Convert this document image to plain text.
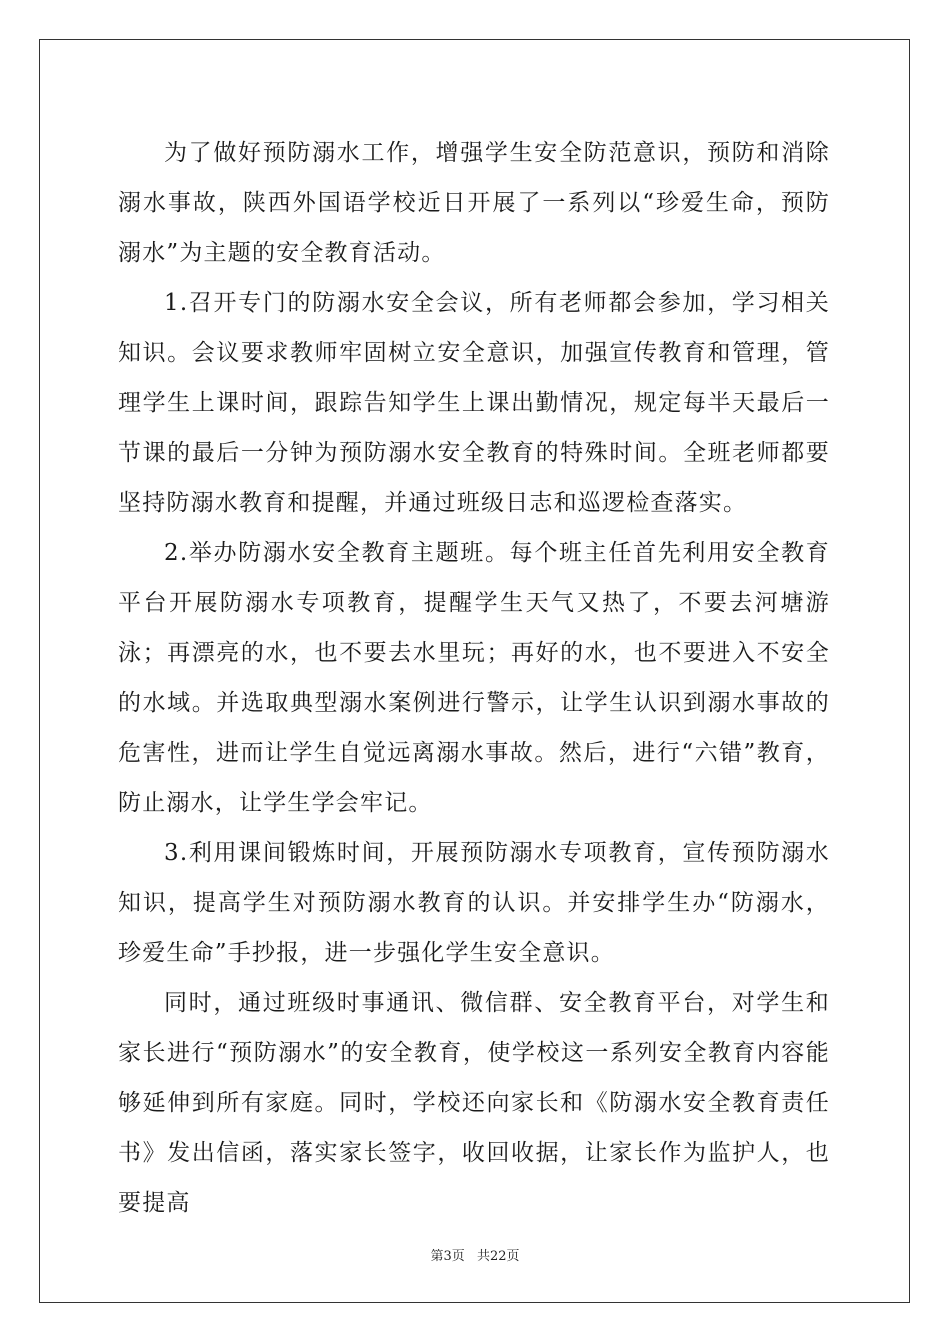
为了做好预防溺水工作，增强学生安全防范意识，预防和消除溺水事故，陕西外国语学校近日开展了一系列以“珍爱生命，预防溺水”为主题的安全教育活动。

1.召开专门的防溺水安全会议，所有老师都会参加，学习相关知识。会议要求教师牢固树立安全意识，加强宣传教育和管理，管理学生上课时间，跟踪告知学生上课出勤情况，规定每半天最后一节课的最后一分钟为预防溺水安全教育的特殊时间。全班老师都要坚持防溺水教育和提醒，并通过班级日志和巡逻检查落实。

2.举办防溺水安全教育主题班。每个班主任首先利用安全教育平台开展防溺水专项教育，提醒学生天气又热了，不要去河塘游泳；再漂亮的水，也不要去水里玩；再好的水，也不要进入不安全的水域。并选取典型溺水案例进行警示，让学生认识到溺水事故的危害性，进而让学生自觉远离溺水事故。然后，进行“六错”教育，防止溺水，让学生学会牢记。

3.利用课间锻炼时间，开展预防溺水专项教育，宣传预防溺水知识，提高学生对预防溺水教育的认识。并安排学生办“防溺水，珍爱生命”手抄报，进一步强化学生安全意识。

同时，通过班级时事通讯、微信群、安全教育平台，对学生和家长进行“预防溺水”的安全教育，使学校这一系列安全教育内容能够延伸到所有家庭。同时，学校还向家长和《防溺水安全教育责任书》发出信函，落实家长签字，收回收据，让家长作为监护人，也要提高

第3页 共22页
